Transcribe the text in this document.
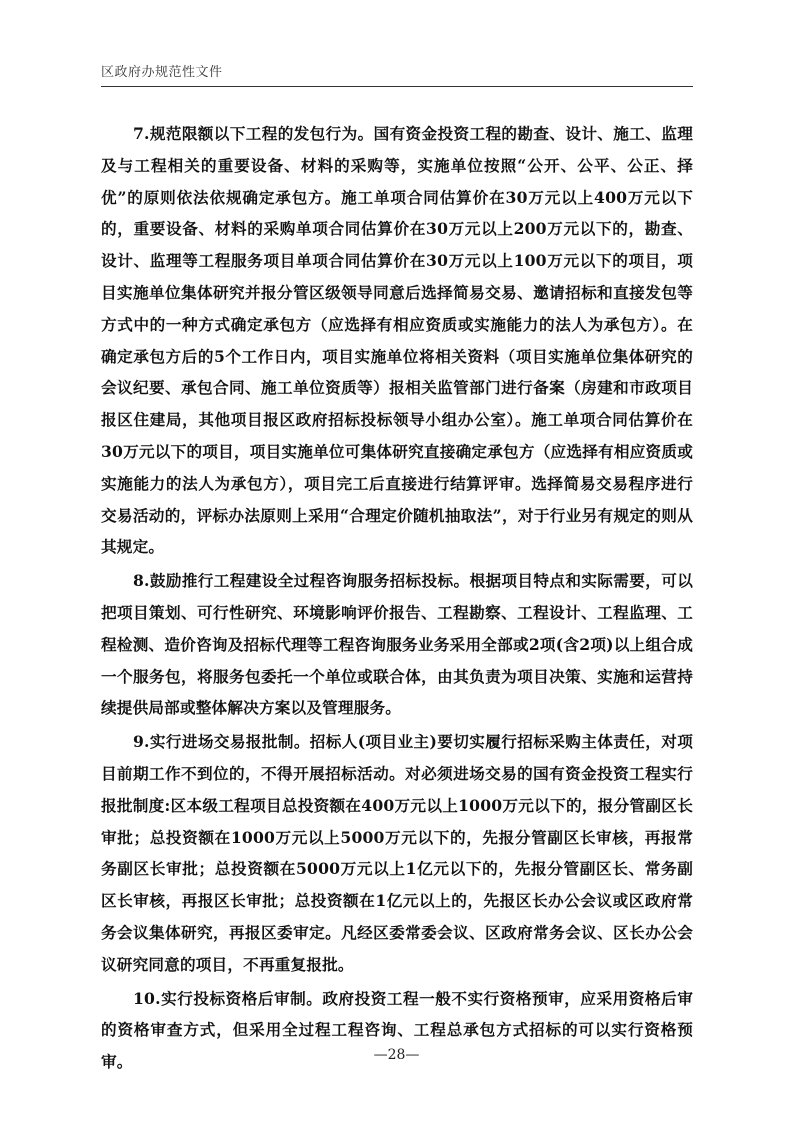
区政府办规范性文件

7.规范限额以下工程的发包行为。国有资金投资工程的勘查、设计、施工、监理及与工程相关的重要设备、材料的采购等，实施单位按照“公开、公平、公正、择优”的原则依法依规确定承包方。施工单项合同估算价在30万元以上400万元以下的，重要设备、材料的采购单项合同估算价在30万元以上200万元以下的，勘查、设计、监理等工程服务项目单项合同估算价在30万元以上100万元以下的项目，项目实施单位集体研究并报分管区级领导同意后选择简易交易、邀请招标和直接发包等方式中的一种方式确定承包方（应选择有相应资质或实施能力的法人为承包方）。在确定承包方后的5个工作日内，项目实施单位将相关资料（项目实施单位集体研究的会议纪要、承包合同、施工单位资质等）报相关监管部门进行备案（房建和市政项目报区住建局，其他项目报区政府招标投标领导小组办公室）。施工单项合同估算价在30万元以下的项目，项目实施单位可集体研究直接确定承包方（应选择有相应资质或实施能力的法人为承包方），项目完工后直接进行结算评审。选择简易交易程序进行交易活动的，评标办法原则上采用“合理定价随机抽取法”，对于行业另有规定的则从其规定。

8.鼓励推行工程建设全过程咨询服务招标投标。根据项目特点和实际需要，可以把项目策划、可行性研究、环境影响评价报告、工程勘察、工程设计、工程监理、工程检测、造价咨询及招标代理等工程咨询服务业务采用全部或2项(含2项)以上组合成一个服务包，将服务包委托一个单位或联合体，由其负责为项目决策、实施和运营持续提供局部或整体解决方案以及管理服务。

9.实行进场交易报批制。招标人(项目业主)要切实履行招标采购主体责任，对项目前期工作不到位的，不得开展招标活动。对必须进场交易的国有资金投资工程实行报批制度:区本级工程项目总投资额在400万元以上1000万元以下的，报分管副区长审批；总投资额在1000万元以上5000万元以下的，先报分管副区长审核，再报常务副区长审批；总投资额在5000万元以上1亿元以下的，先报分管副区长、常务副区长审核，再报区长审批；总投资额在1亿元以上的，先报区长办公会议或区政府常务会议集体研究，再报区委审定。凡经区委常委会议、区政府常务会议、区长办公会议研究同意的项目，不再重复报批。

10.实行投标资格后审制。政府投资工程一般不实行资格预审，应采用资格后审的资格审查方式，但采用全过程工程咨询、工程总承包方式招标的可以实行资格预审。	—28—
